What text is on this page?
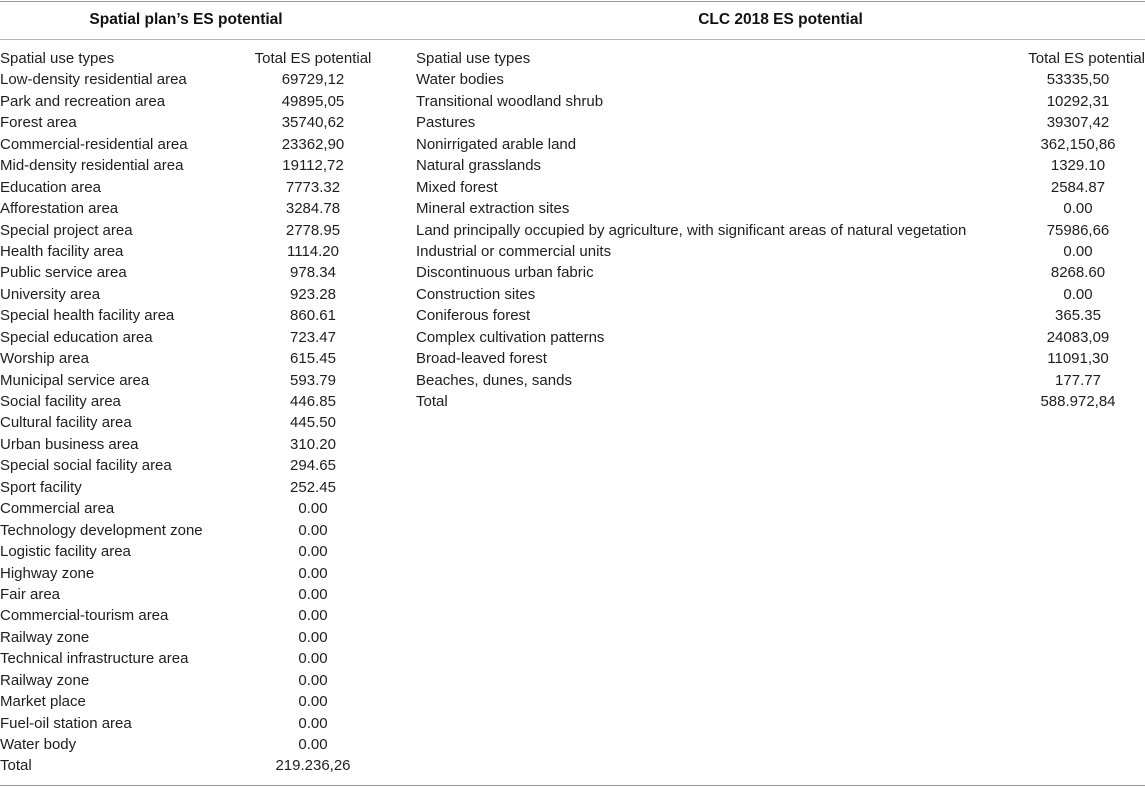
Spatial plan’s ES potential	CLC 2018 ES potential
Spatial use types	Total ES potential
Low-density residential area	69729,12
Park and recreation area	49895,05
Forest area	35740,62
Commercial-residential area	23362,90
Mid-density residential area	19112,72
Education area	7773.32
Afforestation area	3284.78
Special project area	2778.95
Health facility area	1114.20
Public service area	978.34
University area	923.28
Special health facility area	860.61
Special education area	723.47
Worship area	615.45
Municipal service area	593.79
Social facility area	446.85
Cultural facility area	445.50
Urban business area	310.20
Special social facility area	294.65
Sport facility	252.45
Commercial area	0.00
Technology development zone	0.00
Logistic facility area	0.00
Highway zone	0.00
Fair area	0.00
Commercial-tourism area	0.00
Railway zone	0.00
Technical infrastructure area	0.00
Railway zone	0.00
Market place	0.00
Fuel-oil station area	0.00
Water body	0.00
Total	219.236,26
Spatial use types	Total ES potential
Water bodies	53335,50
Transitional woodland shrub	10292,31
Pastures	39307,42
Nonirrigated arable land	362,150,86
Natural grasslands	1329.10
Mixed forest	2584.87
Mineral extraction sites	0.00
Land principally occupied by agriculture, with significant areas of natural vegetation	75986,66
Industrial or commercial units	0.00
Discontinuous urban fabric	8268.60
Construction sites	0.00
Coniferous forest	365.35
Complex cultivation patterns	24083,09
Broad-leaved forest	11091,30
Beaches, dunes, sands	177.77
Total	588.972,84
